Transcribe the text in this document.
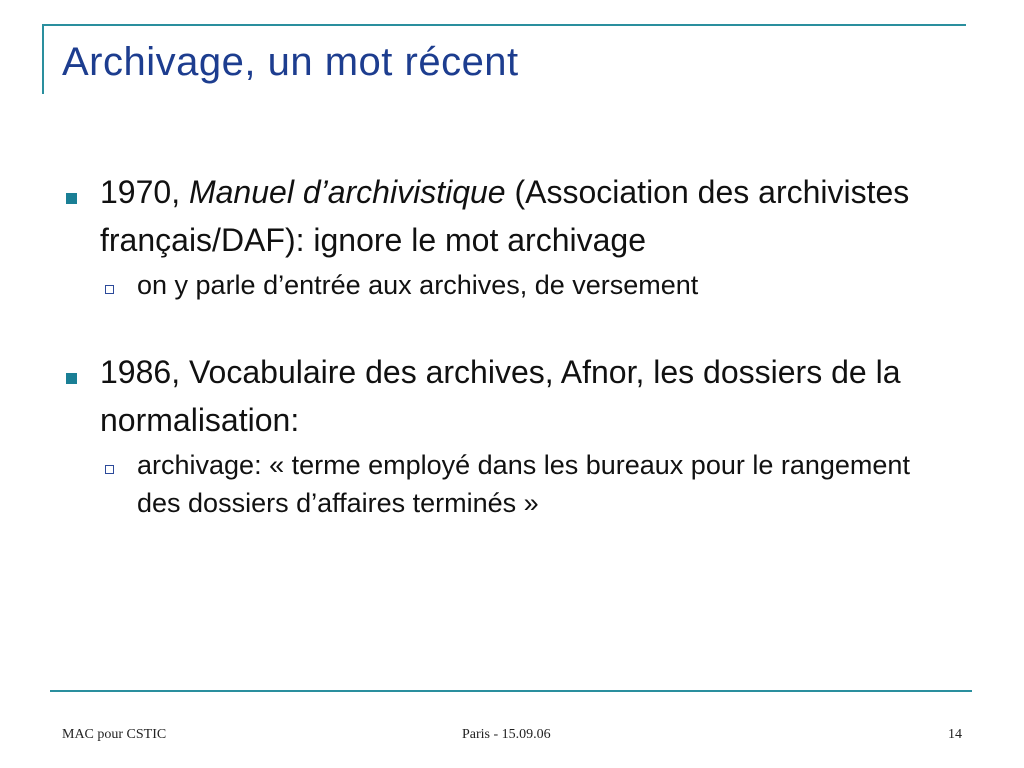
Archivage, un mot récent
1970, Manuel d’archivistique (Association des archivistes français/DAF): ignore le mot archivage
on y parle d’entrée aux archives, de versement
1986, Vocabulaire des archives, Afnor, les dossiers de la normalisation:
archivage: « terme employé dans les bureaux pour le rangement des dossiers d’affaires terminés »
MAC pour CSTIC	Paris - 15.09.06	14
